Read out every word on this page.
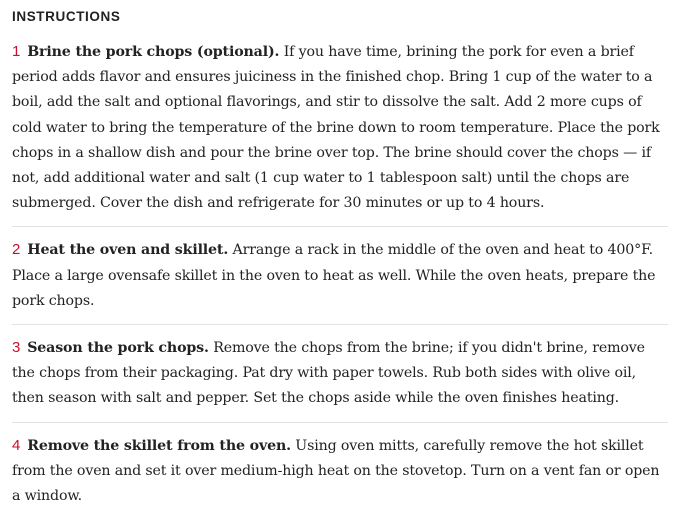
INSTRUCTIONS

1 Brine the pork chops (optional). If you have time, brining the pork for even a brief period adds flavor and ensures juiciness in the finished chop. Bring 1 cup of the water to a boil, add the salt and optional flavorings, and stir to dissolve the salt. Add 2 more cups of cold water to bring the temperature of the brine down to room temperature. Place the pork chops in a shallow dish and pour the brine over top. The brine should cover the chops — if not, add additional water and salt (1 cup water to 1 tablespoon salt) until the chops are submerged. Cover the dish and refrigerate for 30 minutes or up to 4 hours.

2 Heat the oven and skillet. Arrange a rack in the middle of the oven and heat to 400°F. Place a large ovensafe skillet in the oven to heat as well. While the oven heats, prepare the pork chops.

3 Season the pork chops. Remove the chops from the brine; if you didn't brine, remove the chops from their packaging. Pat dry with paper towels. Rub both sides with olive oil, then season with salt and pepper. Set the chops aside while the oven finishes heating.

4 Remove the skillet from the oven. Using oven mitts, carefully remove the hot skillet from the oven and set it over medium-high heat on the stovetop. Turn on a vent fan or open a window.
